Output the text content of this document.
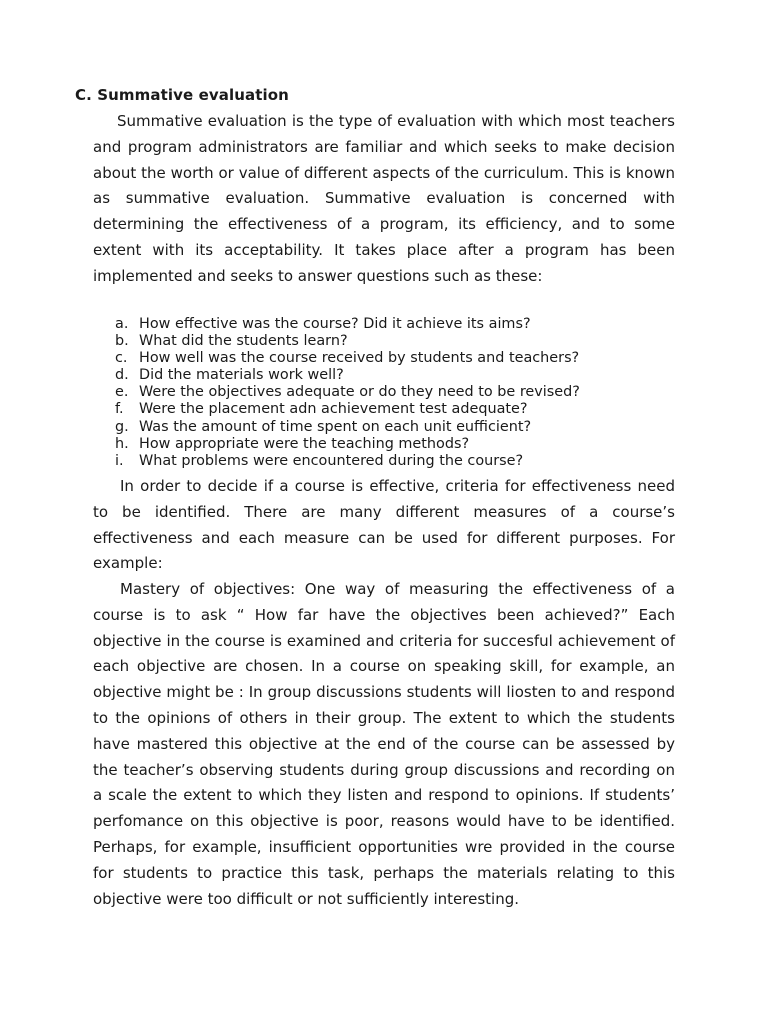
C. Summative evaluation

Summative evaluation is the type of evaluation with which most teachers and program administrators are familiar and which seeks to make decision about the worth or value of different aspects of the curriculum. This is known as summative evaluation. Summative evaluation is concerned with determining the effectiveness of a program, its efficiency, and to some extent with its acceptability. It takes place after a program has been implemented and seeks to answer questions such as these:

a. How effective was the course? Did it achieve its aims?
b. What did the students learn?
c. How well was the course received by students and teachers?
d. Did the materials work well?
e. Were the objectives adequate or do they need to be revised?
f. Were the placement adn achievement test adequate?
g. Was the amount of time spent on each unit eufficient?
h. How appropriate were the teaching methods?
i. What problems were encountered during the course?

In order to decide if a course is effective, criteria for effectiveness need to be identified. There are many different measures of a course’s effectiveness and each measure can be used for different purposes. For example:

Mastery of objectives: One way of measuring the effectiveness of a course is to ask “ How far have the objectives been achieved?” Each objective in the course is examined and criteria for succesful achievement of each objective are chosen. In a course on speaking skill, for example, an objective might be : In group discussions students will liosten to and respond to the opinions of others in their group. The extent to which the students have mastered this objective at the end of the course can be assessed by the teacher’s observing students during group discussions and recording on a scale the extent to which they listen and respond to opinions. If students’ perfomance on this objective is poor, reasons would have to be identified. Perhaps, for example, insufficient opportunities wre provided in the course for students to practice this task, perhaps the materials relating to this objective were too difficult or not sufficiently interesting.
